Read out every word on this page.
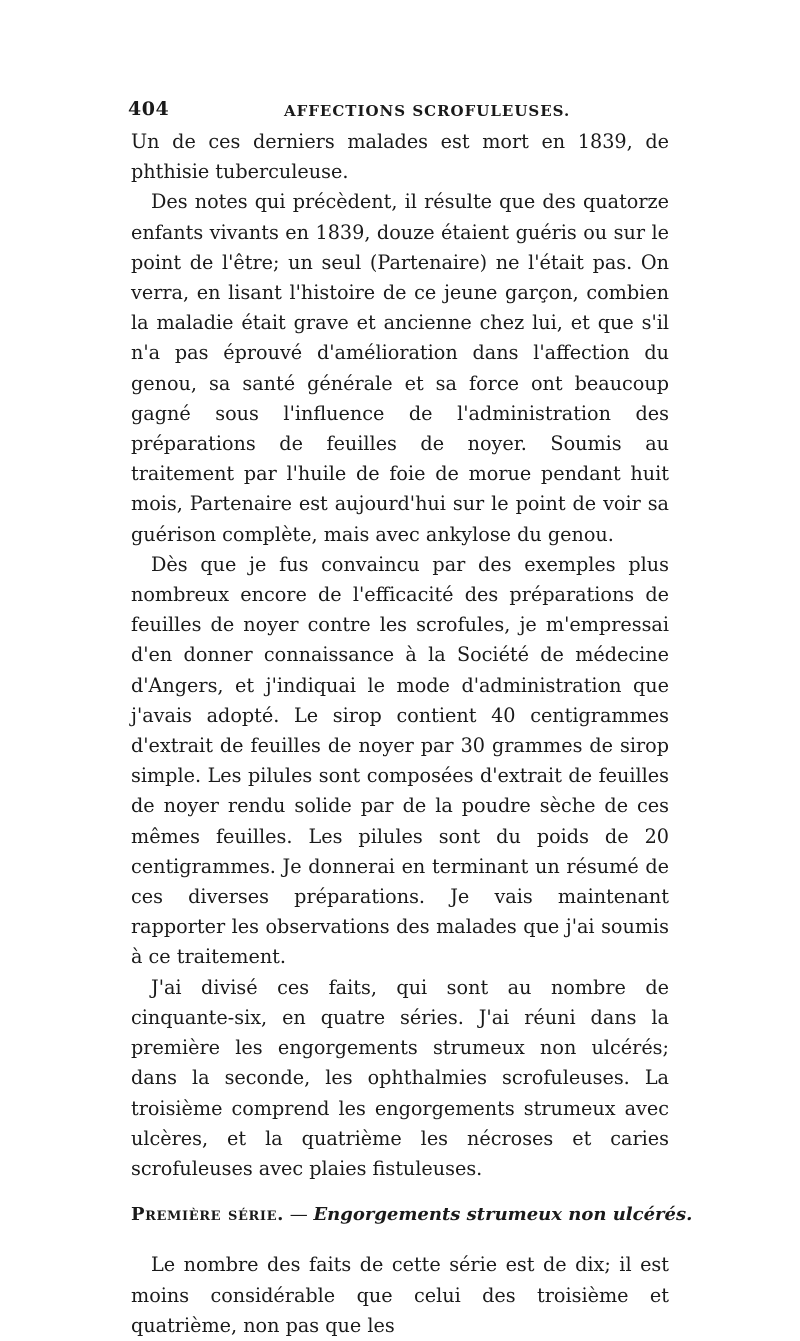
404	AFFECTIONS SCROFULEUSES.

Un de ces derniers malades est mort en 1839, de phthisie tuberculeuse.

Des notes qui précèdent, il résulte que des quatorze enfants vivants en 1839, douze étaient guéris ou sur le point de l'être; un seul (Partenaire) ne l'était pas. On verra, en lisant l'histoire de ce jeune garçon, combien la maladie était grave et ancienne chez lui, et que s'il n'a pas éprouvé d'amélioration dans l'affection du genou, sa santé générale et sa force ont beaucoup gagné sous l'influence de l'administration des préparations de feuilles de noyer. Soumis au traitement par l'huile de foie de morue pendant huit mois, Partenaire est aujourd'hui sur le point de voir sa guérison complète, mais avec ankylose du genou.

Dès que je fus convaincu par des exemples plus nombreux encore de l'efficacité des préparations de feuilles de noyer contre les scrofules, je m'empressai d'en donner connaissance à la Société de médecine d'Angers, et j'indiquai le mode d'administration que j'avais adopté. Le sirop contient 40 centigrammes d'extrait de feuilles de noyer par 30 grammes de sirop simple. Les pilules sont composées d'extrait de feuilles de noyer rendu solide par de la poudre sèche de ces mêmes feuilles. Les pilules sont du poids de 20 centigrammes. Je donnerai en terminant un résumé de ces diverses préparations. Je vais maintenant rapporter les observations des malades que j'ai soumis à ce traitement.

J'ai divisé ces faits, qui sont au nombre de cinquante-six, en quatre séries. J'ai réuni dans la première les engorgements strumeux non ulcérés; dans la seconde, les ophthalmies scrofuleuses. La troisième comprend les engorgements strumeux avec ulcères, et la quatrième les nécroses et caries scrofuleuses avec plaies fistuleuses.

Première série. — Engorgements strumeux non ulcérés.

Le nombre des faits de cette série est de dix; il est moins considérable que celui des troisième et quatrième, non pas que les
